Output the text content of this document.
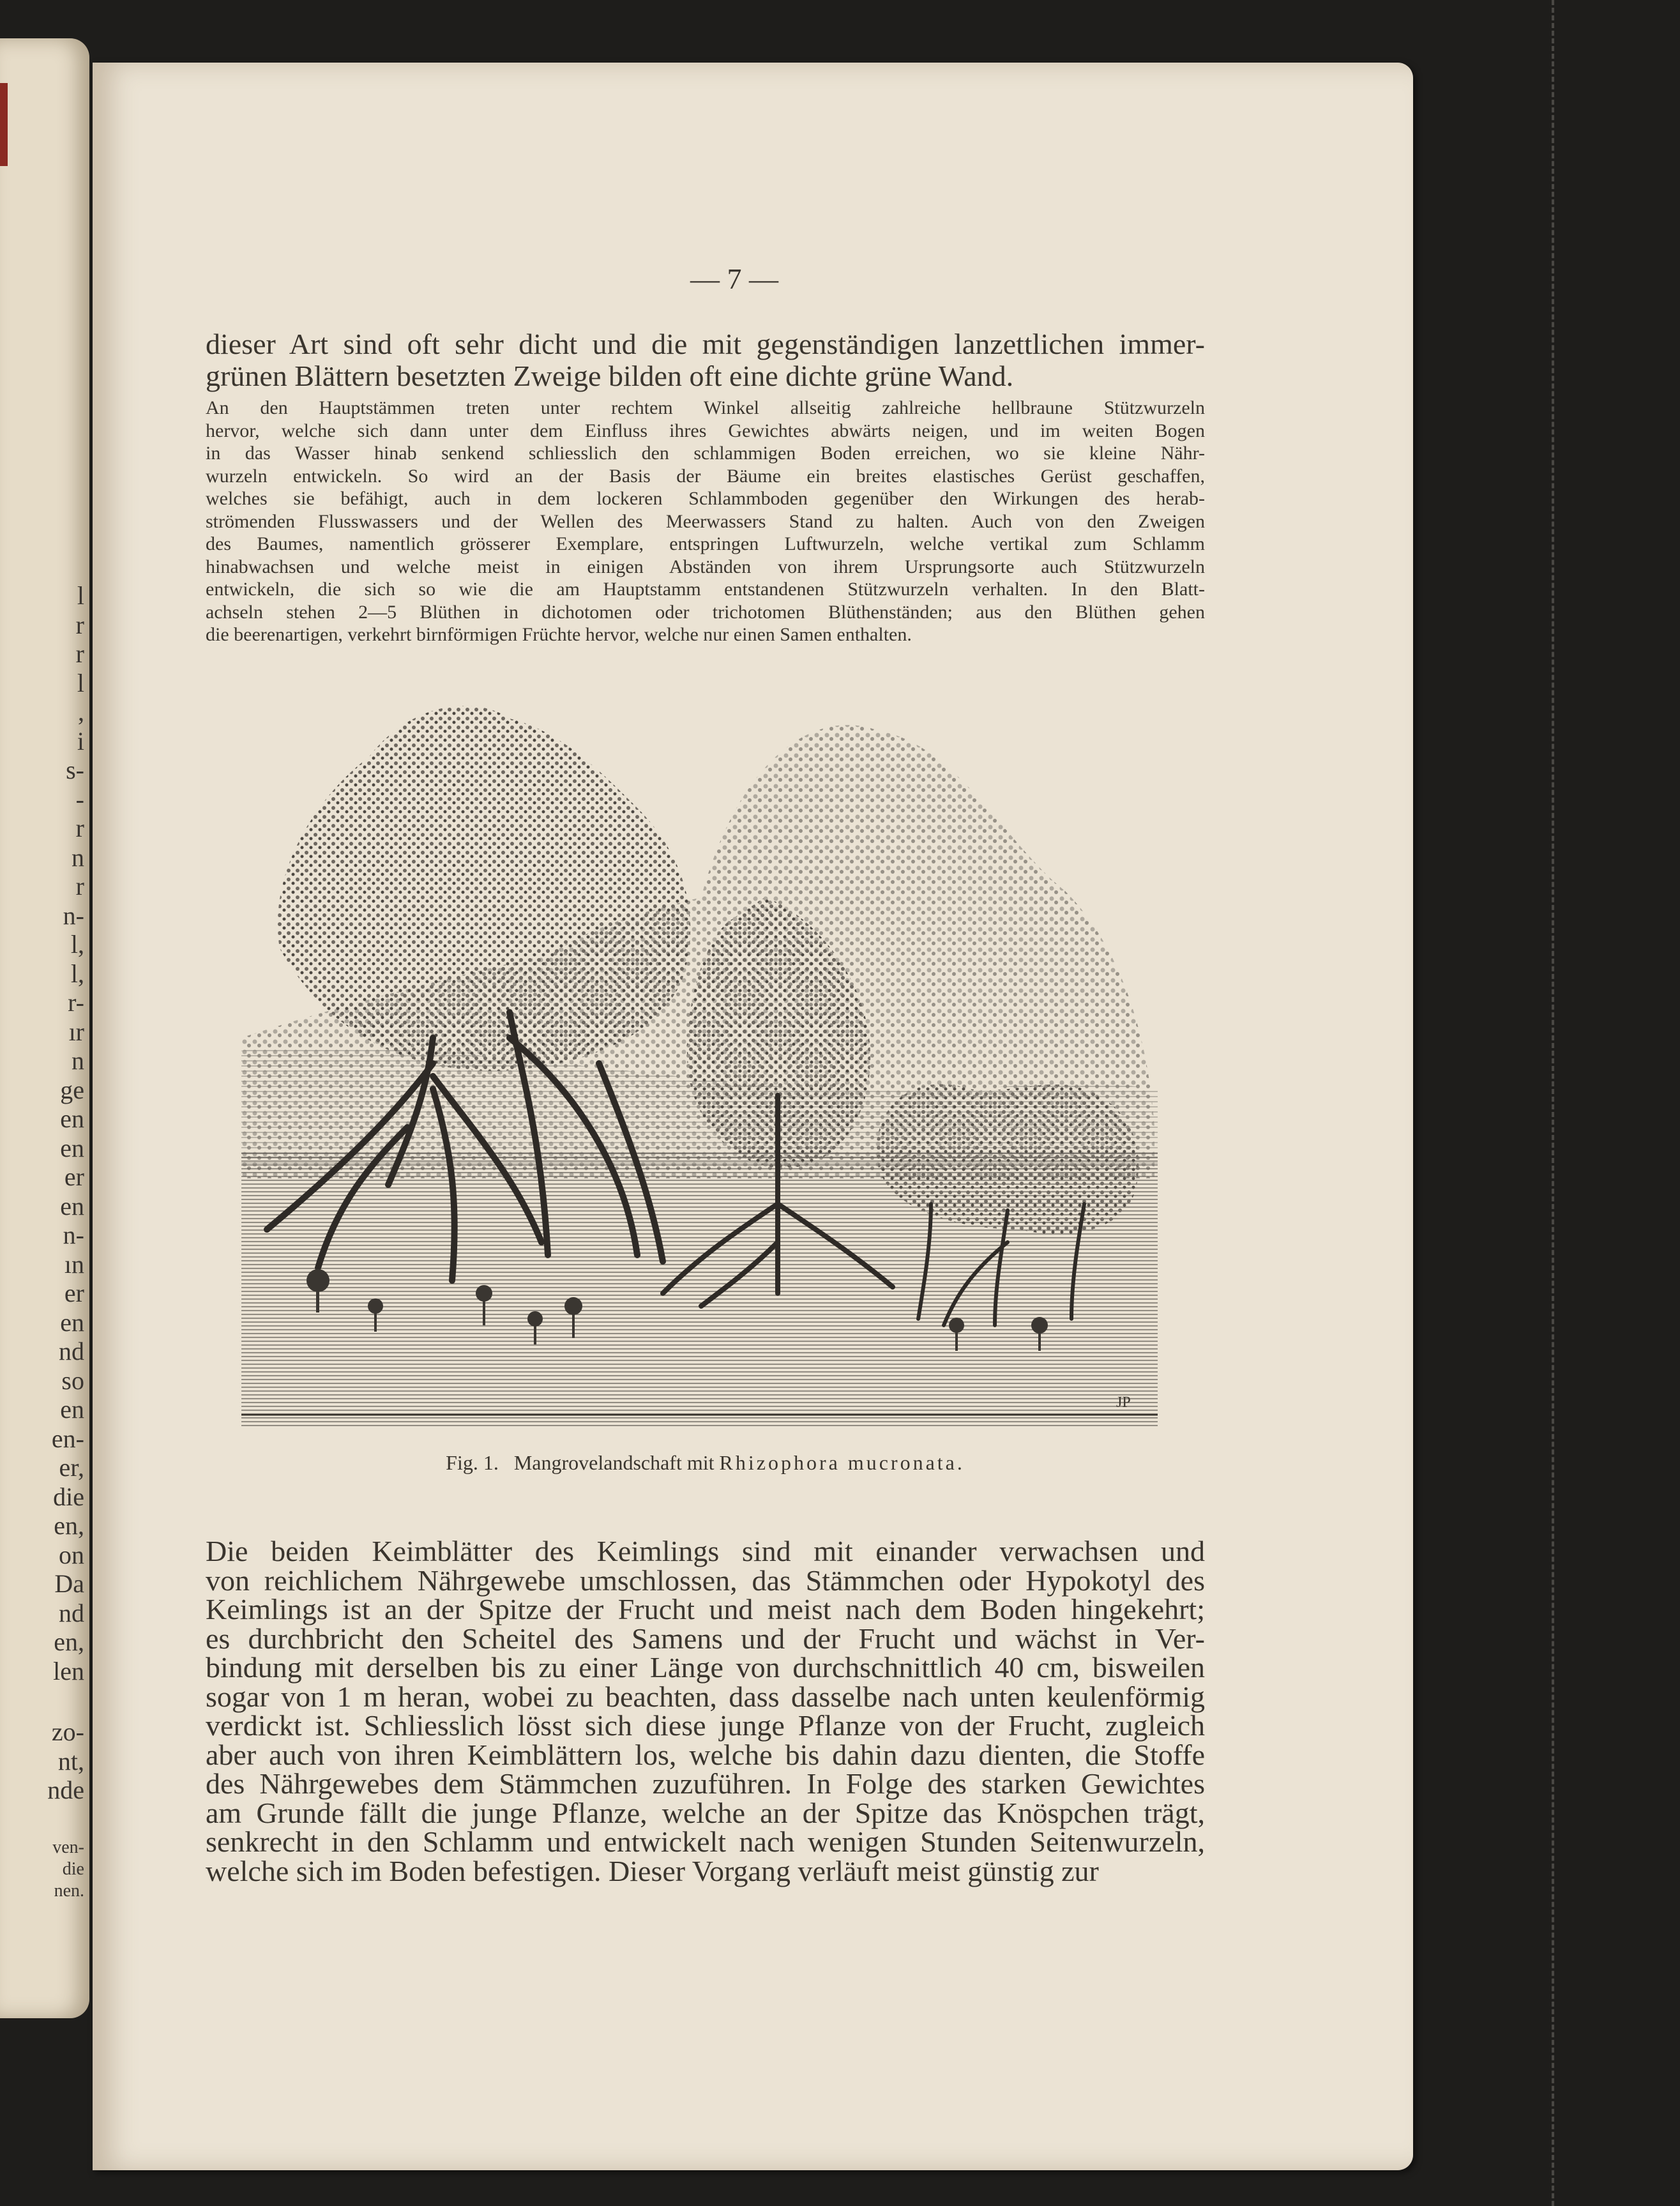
l
r
r
l
,
i
s-
-
r
n
r
n-
l,
l,
r-
ır
n
ge
en
en
er
en
n-
ın
er
en
nd
so
en
en-
er,
die
en,
on
Da
nd
en,
len
zo-
nt,
nde
ven-
die
nen.
— 7 —
dieser Art sind oft sehr dicht und die mit gegenständigen lanzettlichen immer-
grünen Blättern besetzten Zweige bilden oft eine dichte grüne Wand.
An den Hauptstämmen treten unter rechtem Winkel allseitig zahlreiche hellbraune Stützwurzeln
hervor, welche sich dann unter dem Einfluss ihres Gewichtes abwärts neigen, und im weiten Bogen
in das Wasser hinab senkend schliesslich den schlammigen Boden erreichen, wo sie kleine Nähr-
wurzeln entwickeln. So wird an der Basis der Bäume ein breites elastisches Gerüst geschaffen,
welches sie befähigt, auch in dem lockeren Schlammboden gegenüber den Wirkungen des herab-
strömenden Flusswassers und der Wellen des Meerwassers Stand zu halten. Auch von den Zweigen
des Baumes, namentlich grösserer Exemplare, entspringen Luftwurzeln, welche vertikal zum Schlamm
hinabwachsen und welche meist in einigen Abständen von ihrem Ursprungsorte auch Stützwurzeln
entwickeln, die sich so wie die am Hauptstamm entstandenen Stützwurzeln verhalten. In den Blatt-
achseln stehen 2—5 Blüthen in dichotomen oder trichotomen Blüthenständen; aus den Blüthen gehen
die beerenartigen, verkehrt birnförmigen Früchte hervor, welche nur einen Samen enthalten.
JP
Fig. 1. Mangrovelandschaft mit Rhizophora mucronata.
Die beiden Keimblätter des Keimlings sind mit einander verwachsen und
von reichlichem Nährgewebe umschlossen, das Stämmchen oder Hypokotyl des
Keimlings ist an der Spitze der Frucht und meist nach dem Boden hingekehrt;
es durchbricht den Scheitel des Samens und der Frucht und wächst in Ver-
bindung mit derselben bis zu einer Länge von durchschnittlich 40 cm, bisweilen
sogar von 1 m heran, wobei zu beachten, dass dasselbe nach unten keulenförmig
verdickt ist. Schliesslich lösst sich diese junge Pflanze von der Frucht, zugleich
aber auch von ihren Keimblättern los, welche bis dahin dazu dienten, die Stoffe
des Nährgewebes dem Stämmchen zuzuführen. In Folge des starken Gewichtes
am Grunde fällt die junge Pflanze, welche an der Spitze das Knöspchen trägt,
senkrecht in den Schlamm und entwickelt nach wenigen Stunden Seitenwurzeln,
welche sich im Boden befestigen. Dieser Vorgang verläuft meist günstig zur
